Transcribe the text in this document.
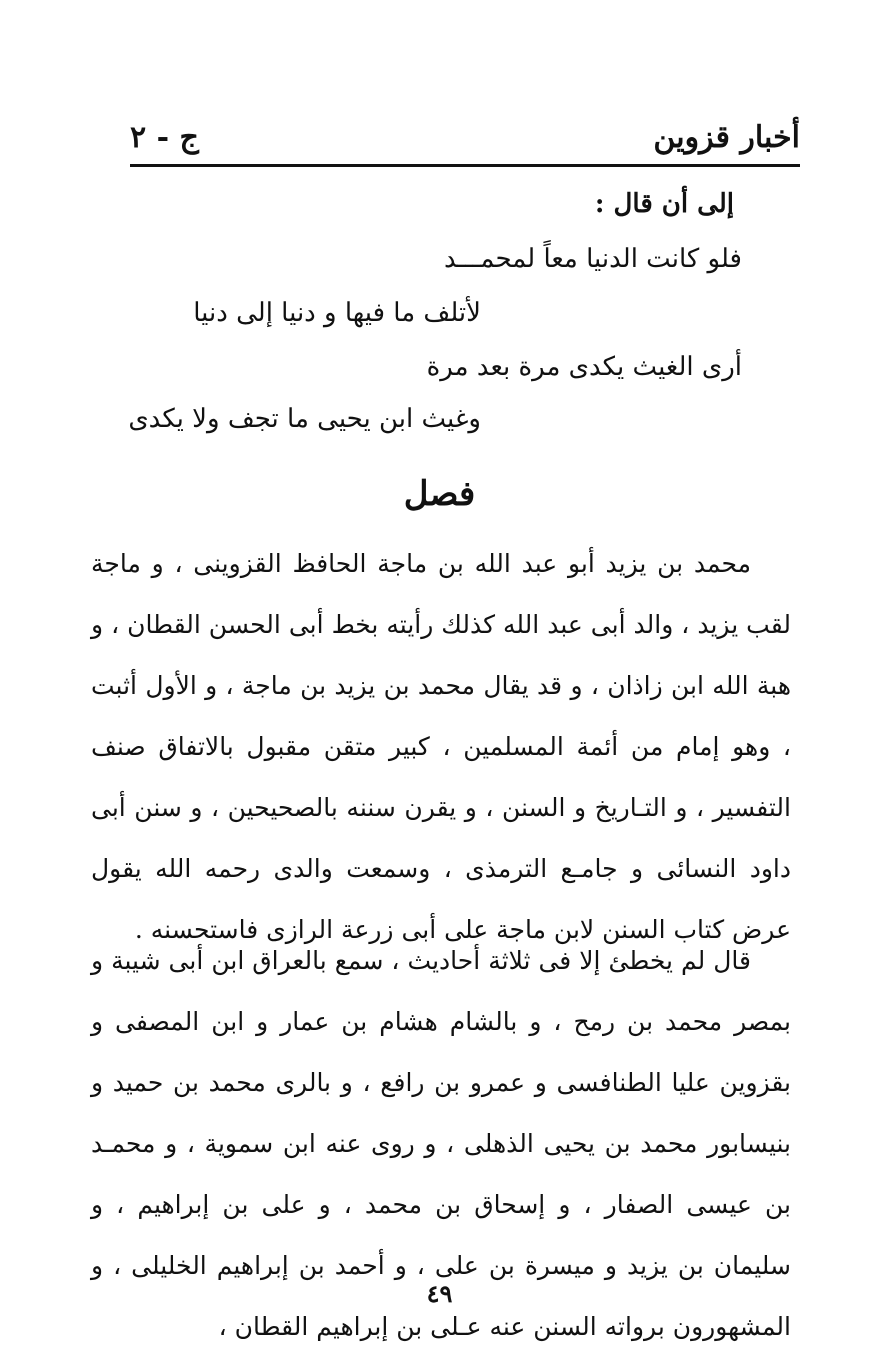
أخبار قزوين
ج - ٢
إلى أن قال :
فلو كانت الدنيا معاً لمحمـــد
لأتلف ما فيها و دنيا إلى دنيا
أرى الغيث يكدى مرة بعد مرة
وغيث ابن يحيى ما تجف ولا يكدى
فصل
محمد بن يزيد أبو عبد الله بن ماجة الحافظ القزوينى ، و ماجة لقب يزيد ، والد أبى عبد الله كذلك رأيته بخط أبى الحسن القطان ، و هبة الله ابن زاذان ، و قد يقال محمد بن يزيد بن ماجة ، و الأول أثبت ، وهو إمام من أئمة المسلمين ، كبير متقن مقبول بالاتفاق صنف التفسير ، و التـاريخ و السنن ، و يقرن سننه بالصحيحين ، و سنن أبى داود النسائى و جامـع الترمذى ، وسمعت والدى رحمه الله يقول عرض كتاب السنن لابن ماجة على أبى زرعة الرازى فاستحسنه .
قال لم يخطئ إلا فى ثلاثة أحاديث ، سمع بالعراق ابن أبى شيبة و بمصر محمد بن رمح ، و بالشام هشام بن عمار و ابن المصفى و بقزوين عليا الطنافسى و عمرو بن رافع ، و بالرى محمد بن حميد و بنيسابور محمد بن يحيى الذهلى ، و روى عنه ابن سموية ، و محمـد بن عيسى الصفار ، و إسحاق بن محمد ، و على بن إبراهيم ، و سليمان بن يزيد و ميسرة بن على ، و أحمد بن إبراهيم الخليلى ، و المشهورون برواته السنن عنه عـلى بن إبراهيم القطان ،
٤٩
